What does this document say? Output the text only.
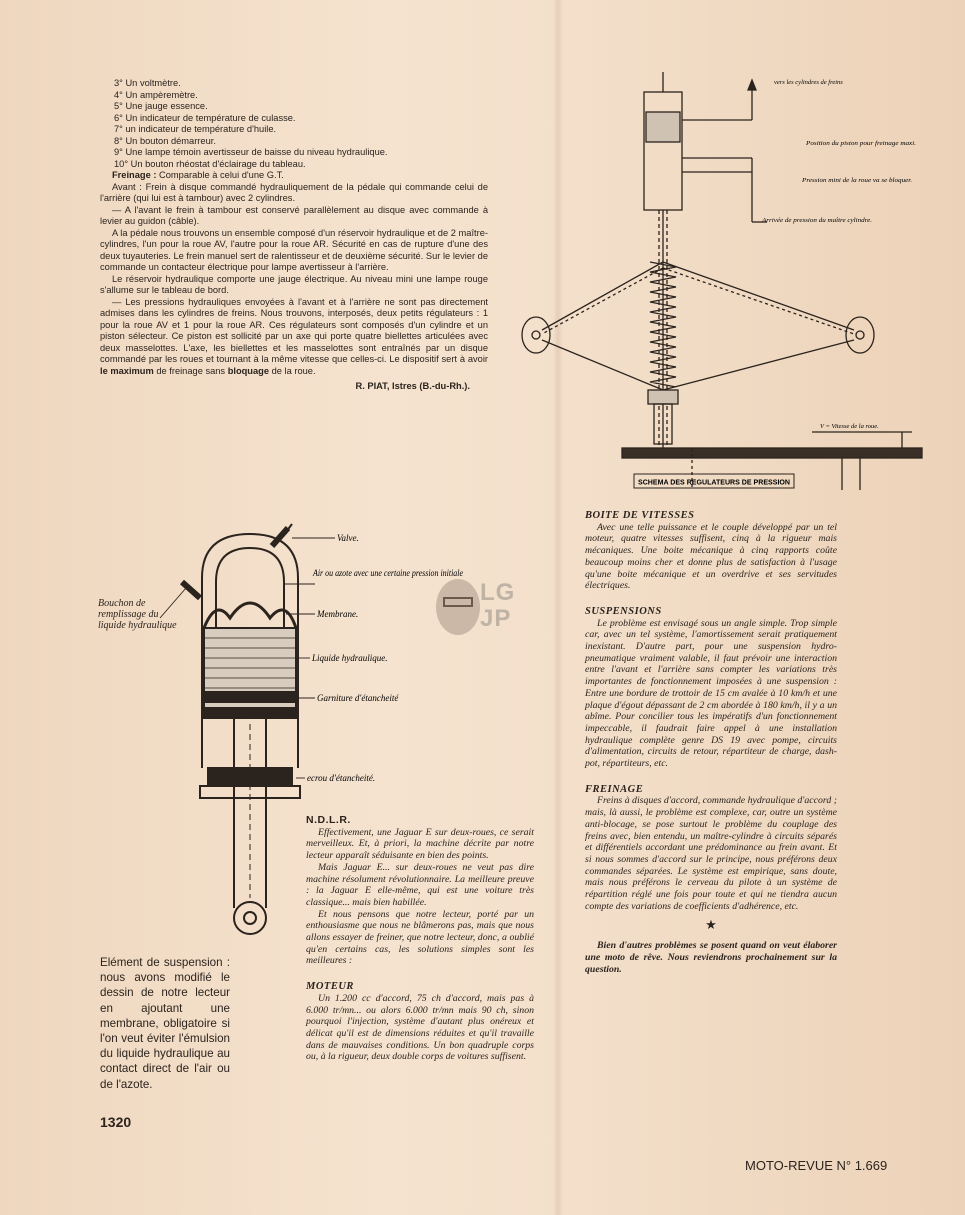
3° Un voltmètre.

4° Un ampèremètre.

5° Une jauge essence.

6° Un indicateur de température de culasse.

7° un indicateur de température d'huile.

8° Un bouton démarreur.

9° Une lampe témoin avertisseur de baisse du niveau hydraulique.

10° Un bouton rhéostat d'éclairage du tableau.

Freinage : Comparable à celui d'une G.T.

Avant : Frein à disque commandé hydrauliquement de la pédale qui commande celui de l'arrière (qui lui est à tambour) avec 2 cylindres.

— A l'avant le frein à tambour est conservé parallèlement au disque avec commande à levier au guidon (câble).

A la pédale nous trouvons un ensemble composé d'un réservoir hydraulique et de 2 maître-cylindres, l'un pour la roue AV, l'autre pour la roue AR. Sécurité en cas de rupture d'une des deux tuyauteries. Le frein manuel sert de ralentisseur et de deuxième sécurité. Sur le levier de commande un contacteur électrique pour lampe avertisseur à l'arrière.

Le réservoir hydraulique comporte une jauge électrique. Au niveau mini une lampe rouge s'allume sur le tableau de bord.

— Les pressions hydrauliques envoyées à l'avant et à l'arrière ne sont pas directement admises dans les cylindres de freins. Nous trouvons, interposés, deux petits régulateurs : 1 pour la roue AV et 1 pour la roue AR. Ces régulateurs sont composés d'un cylindre et un piston sélecteur. Ce piston est sollicité par un axe qui porte quatre biellettes articulées avec deux masselottes. L'axe, les biellettes et les masselottes sont entraînés par un disque commandé par les roues et tournant à la même vitesse que celles-ci. Le dispositif sert à avoir le maximum de freinage sans bloquage de la roue.

R. PIAT, Istres (B.-du-Rh.).

vers les cylindres de freins
Position du piston pour freinage maxi.
Pression mini de la roue va se bloquer.
Arrivée de pression du maître cylindre.
V = Vitesse de la roue.
SCHEMA DES REGULATEURS DE PRESSION
Valve.
Air ou azote avec une certaine pression initiale
Membrane.
Liquide hydraulique.
Garniture d'étancheité
ecrou d'étancheité.
Bouchon de remplissage du liquide hydraulique
LG JP
Elément de suspension : nous avons modifié le dessin de notre lecteur en ajoutant une membrane, obligatoire si l'on veut éviter l'émulsion du liquide hydraulique au contact direct de l'air ou de l'azote.

N.D.L.R.

Effectivement, une Jaguar E sur deux-roues, ce serait merveilleux. Et, à priori, la machine décrite par notre lecteur apparaît séduisante en bien des points.

Mais Jaguar E... sur deux-roues ne veut pas dire machine résolument révolutionnaire. La meilleure preuve : la Jaguar E elle-même, qui est une voiture très classique... mais bien habillée.

Et nous pensons que notre lecteur, porté par un enthousiasme que nous ne blâmerons pas, mais que nous allons essayer de freiner, que notre lecteur, donc, a oublié qu'en certains cas, les solutions simples sont les meilleures :

MOTEUR

Un 1.200 cc d'accord, 75 ch d'accord, mais pas à 6.000 tr/mn... ou alors 6.000 tr/mn mais 90 ch, sinon pourquoi l'injection, système d'autant plus onéreux et délicat qu'il est de dimensions réduites et qu'il travaille dans de mauvaises conditions. Un bon quadruple corps ou, à la rigueur, deux double corps de voitures suffisent.

BOITE DE VITESSES

Avec une telle puissance et le couple développé par un tel moteur, quatre vitesses suffisent, cinq à la rigueur mais mécaniques. Une boite mécanique à cinq rapports coûte beaucoup moins cher et donne plus de satisfaction à l'usage qu'une boite mécanique et un overdrive et ses servitudes électriques.

SUSPENSIONS

Le problème est envisagé sous un angle simple. Trop simple car, avec un tel système, l'amortissement serait pratiquement inexistant. D'autre part, pour une suspension hydro-pneumatique vraiment valable, il faut prévoir une interaction entre l'avant et l'arrière sans compter les variations très importantes de fonctionnement imposées à une suspension : Entre une bordure de trottoir de 15 cm avalée à 10 km/h et une plaque d'égout dépassant de 2 cm abordée à 180 km/h, il y a un abîme. Pour concilier tous les impératifs d'un fonctionnement impeccable, il faudrait faire appel à une installation hydraulique complète genre DS 19 avec pompe, circuits d'alimentation, circuits de retour, répartiteur de charge, dash-pot, répartiteurs, etc.

FREINAGE

Freins à disques d'accord, commande hydraulique d'accord ; mais, là aussi, le problème est complexe, car, outre un système anti-blocage, se pose surtout le problème du couplage des freins avec, bien entendu, un maître-cylindre à circuits séparés et différentiels accordant une prédominance au frein avant. Et si nous sommes d'accord sur le principe, nous préférons deux commandes séparées. Le système est empirique, sans doute, mais nous préférons le cerveau du pilote à un système de répartition réglé une fois pour toute et qui ne tiendra aucun compte des variations de coefficients d'adhérence, etc.

★

Bien d'autres problèmes se posent quand on veut élaborer une moto de rêve. Nous reviendrons prochainement sur la question.

1320
MOTO-REVUE N° 1.669
